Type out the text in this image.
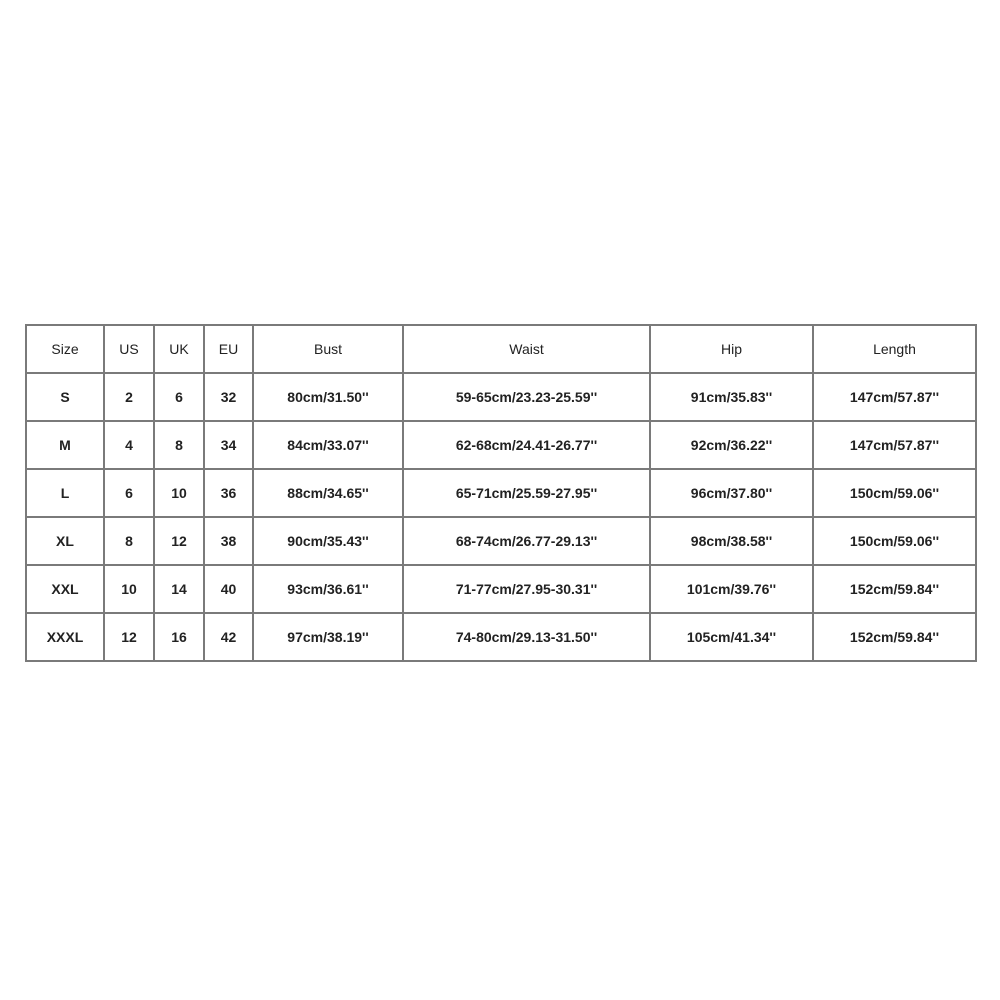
Size	US	UK	EU	Bust	Waist	Hip	Length
S	2	6	32	80cm/31.50''	59-65cm/23.23-25.59''	91cm/35.83''	147cm/57.87''
M	4	8	34	84cm/33.07''	62-68cm/24.41-26.77''	92cm/36.22''	147cm/57.87''
L	6	10	36	88cm/34.65''	65-71cm/25.59-27.95''	96cm/37.80''	150cm/59.06''
XL	8	12	38	90cm/35.43''	68-74cm/26.77-29.13''	98cm/38.58''	150cm/59.06''
XXL	10	14	40	93cm/36.61''	71-77cm/27.95-30.31''	101cm/39.76''	152cm/59.84''
XXXL	12	16	42	97cm/38.19''	74-80cm/29.13-31.50''	105cm/41.34''	152cm/59.84''
